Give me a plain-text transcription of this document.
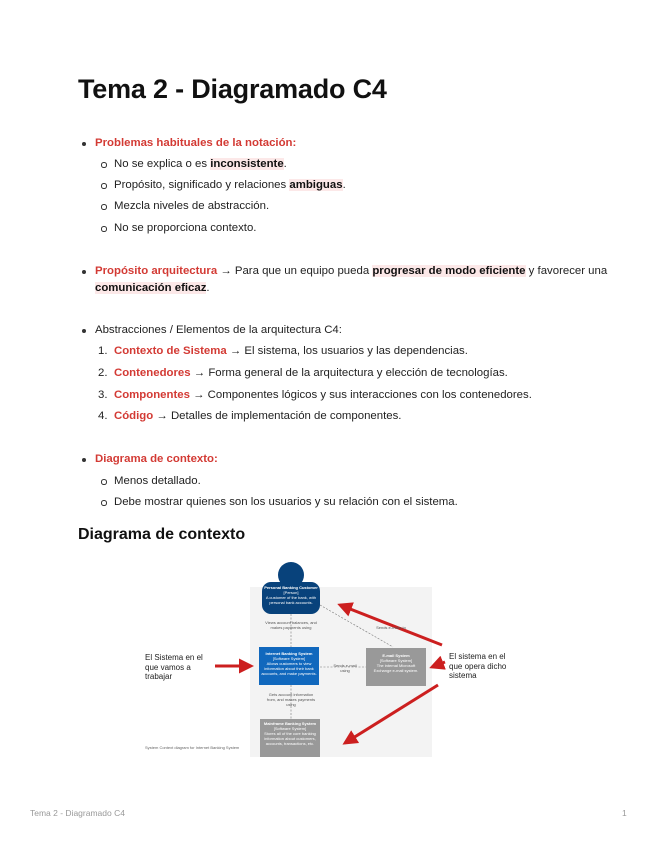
Tema 2 - Diagramado C4
Problemas habituales de la notación:
No se explica o es inconsistente.
Propósito, significado y relaciones ambiguas.
Mezcla niveles de abstracción.
No se proporciona contexto.
Propósito arquitectura → Para que un equipo pueda progresar de modo eficiente y favorecer una
comunicación eficaz.
Abstracciones / Elementos de la arquitectura C4:
1. Contexto de Sistema → El sistema, los usuarios y las dependencias.
2. Contenedores → Forma general de la arquitectura y elección de tecnologías.
3. Componentes → Componentes lógicos y sus interacciones con los contenedores.
4. Código → Detalles de implementación de componentes.
Diagrama de contexto:
Menos detallado.
Debe mostrar quienes son los usuarios y su relación con el sistema.
Diagrama de contexto
Personal Banking Customer
[Person]
A customer of the bank, with personal bank accounts.
Views account balances, and makes payments using	Sends e-mails to
Sends e-mail using
Gets account information from, and makes payments using
Internet Banking System
[Software System]
Allows customers to view information about their bank accounts, and make payments.
E-mail System
[Software System]
The internal Microsoft Exchange e-mail system.
Mainframe Banking System
[Software System]
Stores all of the core banking information about customers, accounts, transactions, etc.
System Context diagram for Internet Banking System
El Sistema en el
que vamos a
trabajar
El sistema en el
que opera dicho
sistema
Tema 2 - Diagramado C4	1
